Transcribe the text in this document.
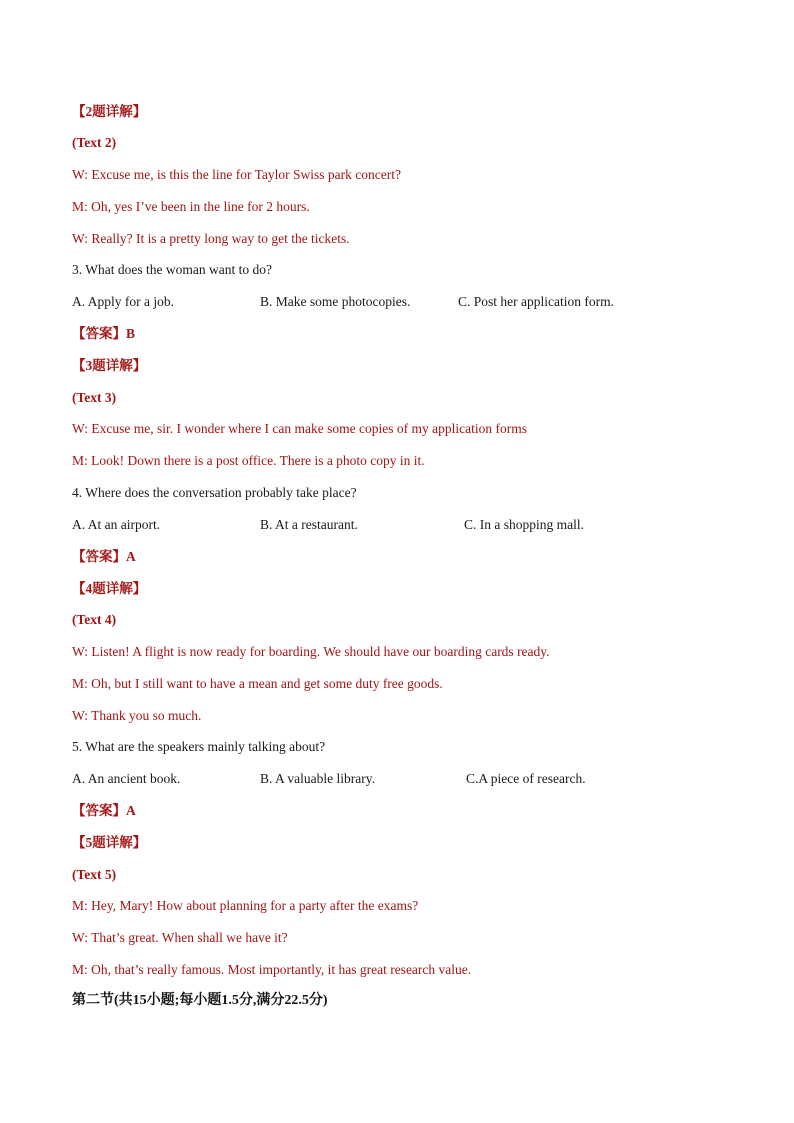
【2题详解】
(Text 2)
W: Excuse me, is this the line for Taylor Swiss park concert?
M: Oh, yes I’ve been in the line for 2 hours.
W: Really? It is a pretty long way to get the tickets.
3. What does the woman want to do?
A. Apply for a job.	B. Make some photocopies.	C. Post her application form.
【答案】B
【3题详解】
(Text 3)
W: Excuse me, sir. I wonder where I can make some copies of my application forms
M: Look! Down there is a post office. There is a photo copy in it.
4. Where does the conversation probably take place?
A. At an airport.	B. At a restaurant.	C. In a shopping mall.
【答案】A
【4题详解】
(Text 4)
W: Listen! A flight is now ready for boarding. We should have our boarding cards ready.
M: Oh, but I still want to have a mean and get some duty free goods.
W: Thank you so much.
5. What are the speakers mainly talking about?
A. An ancient book.	B. A valuable library.	C.A piece of research.
【答案】A
【5题详解】
(Text 5)
M: Hey, Mary! How about planning for a party after the exams?
W: That’s great. When shall we have it?
M: Oh, that’s really famous. Most importantly, it has great research value.
第二节(共15小题;每小题1.5分,满分22.5分)
